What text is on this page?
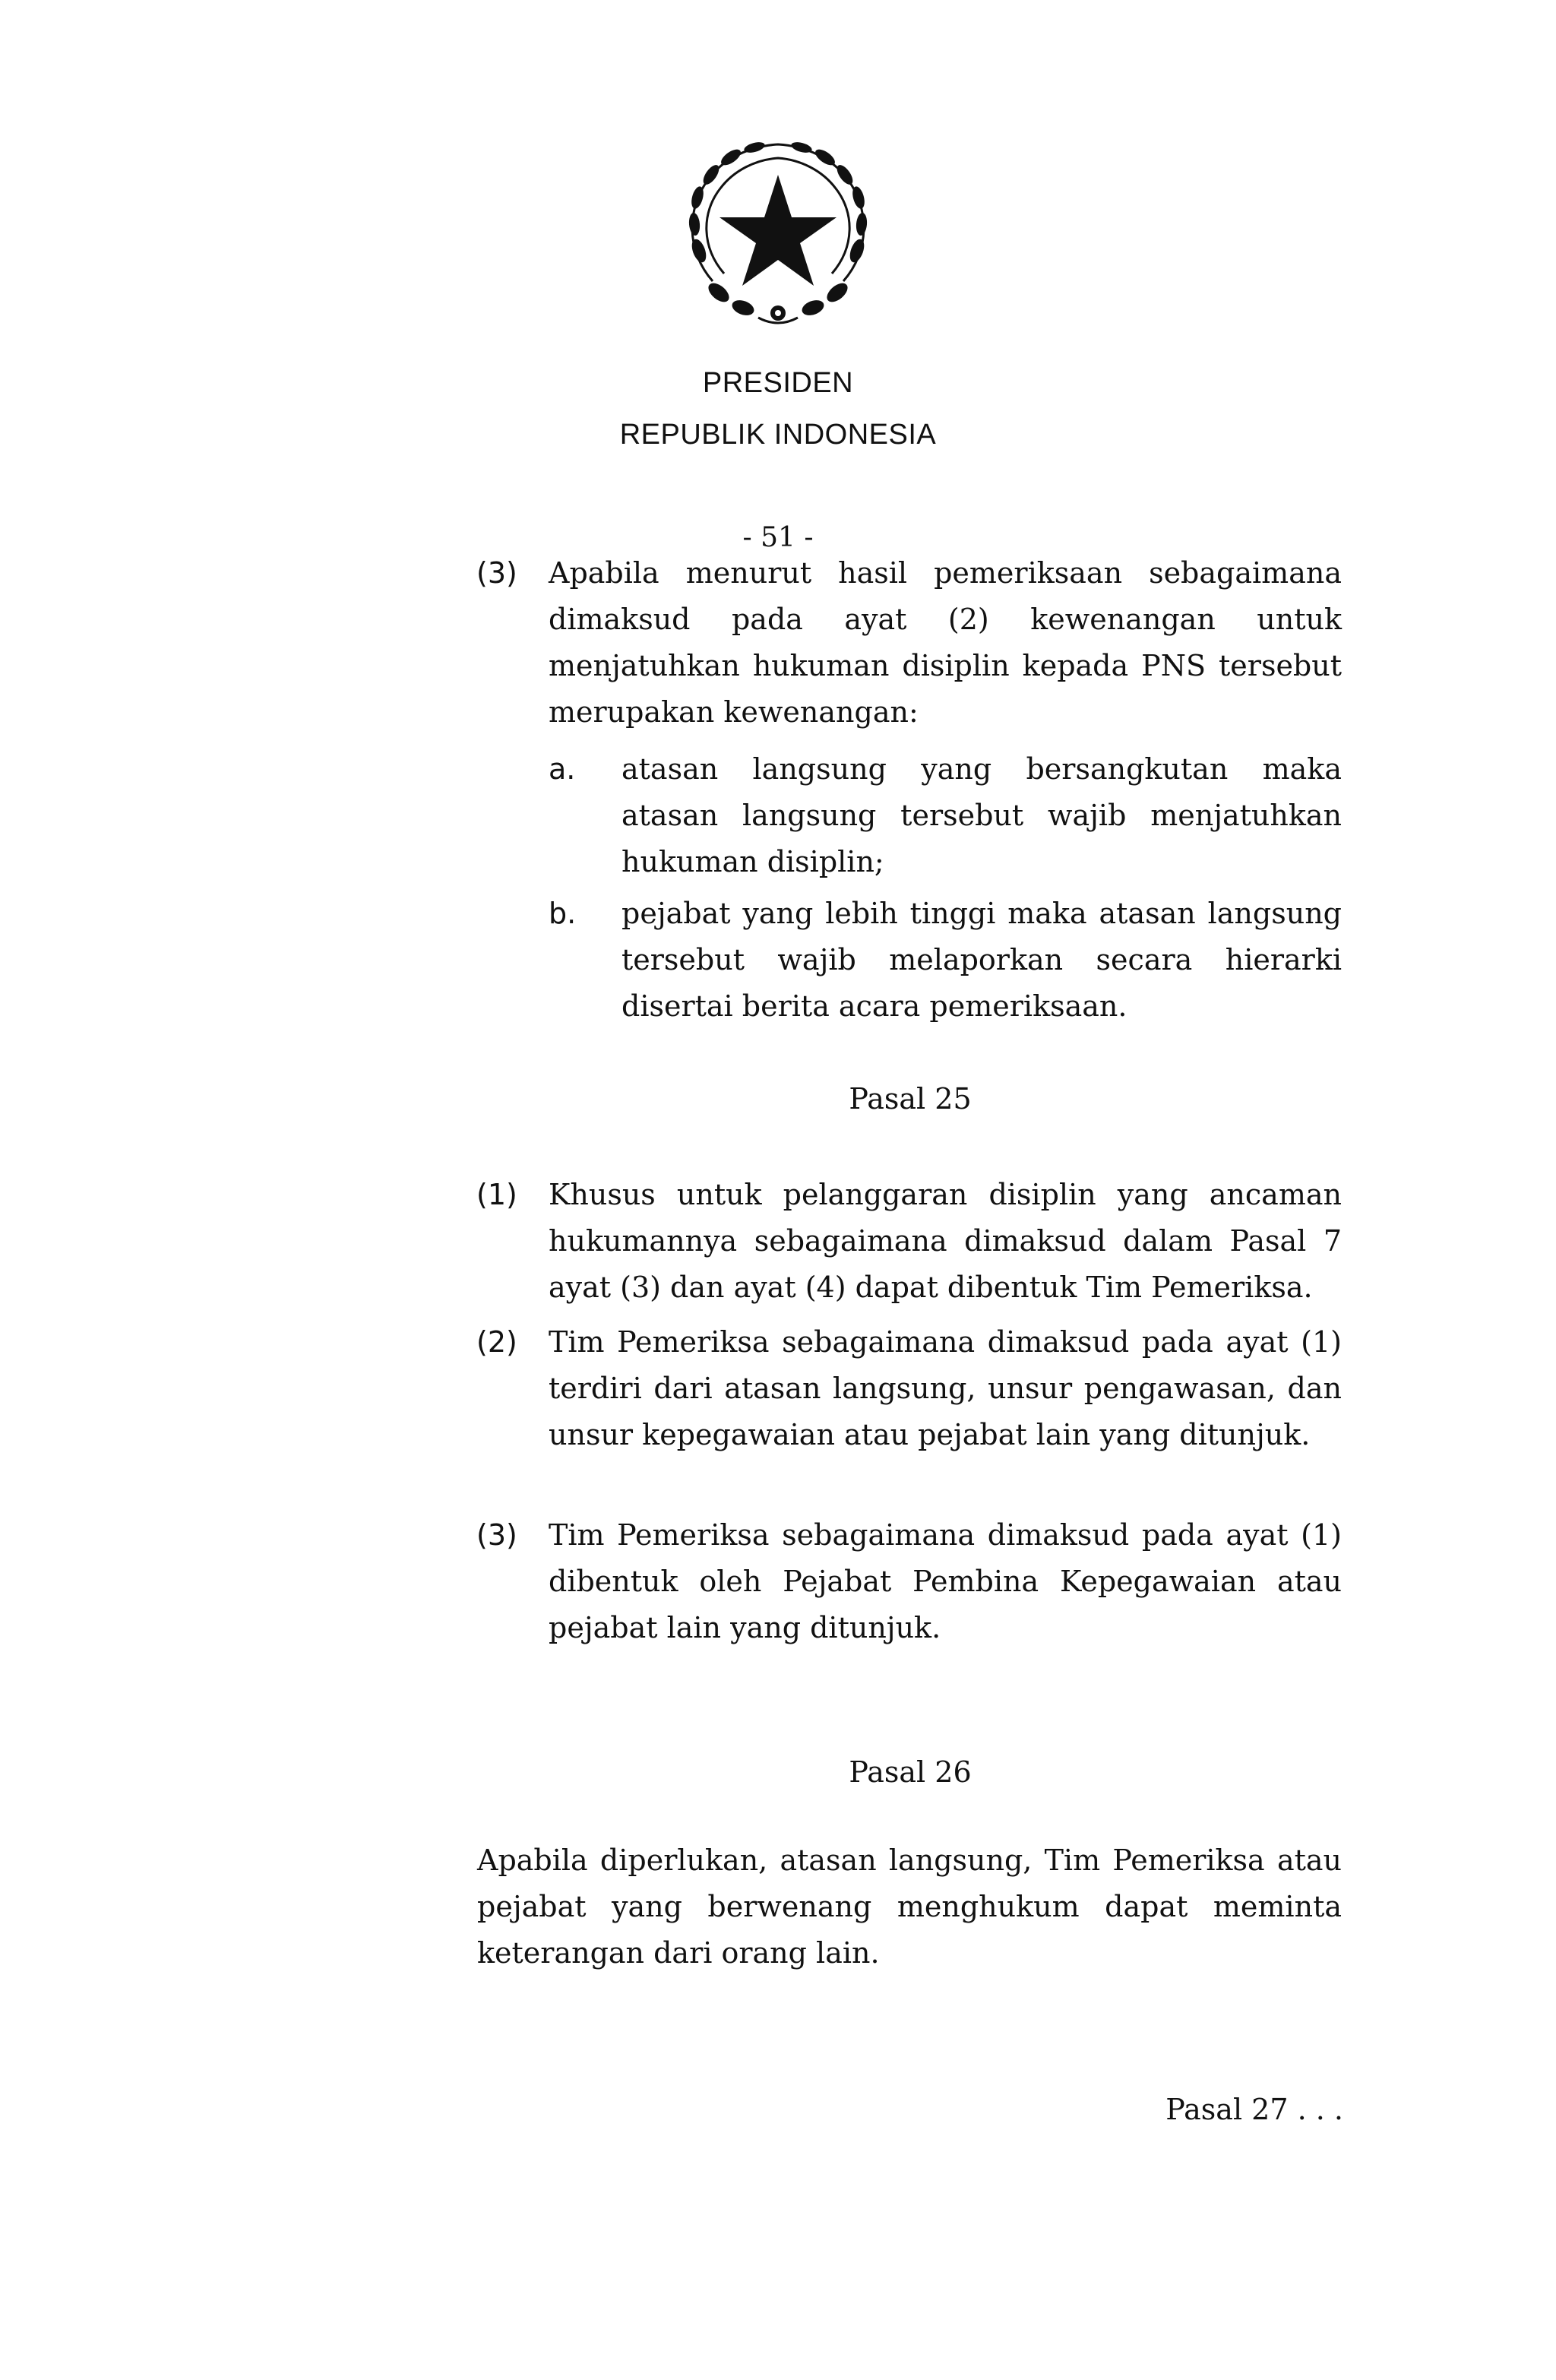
PRESIDEN
REPUBLIK INDONESIA
- 51 -
(3)	Apabila menurut hasil pemeriksaan sebagaimana dimaksud pada ayat (2) kewenangan untuk menjatuhkan hukuman disiplin kepada PNS tersebut merupakan kewenangan:
a.	atasan langsung yang bersangkutan maka atasan langsung tersebut wajib menjatuhkan hukuman disiplin;
b.	pejabat yang lebih tinggi maka atasan langsung tersebut wajib melaporkan secara hierarki disertai berita acara pemeriksaan.
Pasal 25
(1)	Khusus untuk pelanggaran disiplin yang ancaman hukumannya sebagaimana dimaksud dalam Pasal 7 ayat (3) dan ayat (4) dapat dibentuk Tim Pemeriksa.
(2)	Tim Pemeriksa sebagaimana dimaksud pada ayat (1) terdiri dari atasan langsung, unsur pengawasan, dan unsur kepegawaian atau pejabat lain yang ditunjuk.
(3)	Tim Pemeriksa sebagaimana dimaksud pada ayat (1) dibentuk oleh Pejabat Pembina Kepegawaian atau pejabat lain yang ditunjuk.
Pasal 26
Apabila diperlukan, atasan langsung, Tim Pemeriksa atau pejabat yang berwenang menghukum dapat meminta keterangan dari orang lain.
Pasal 27 . . .
